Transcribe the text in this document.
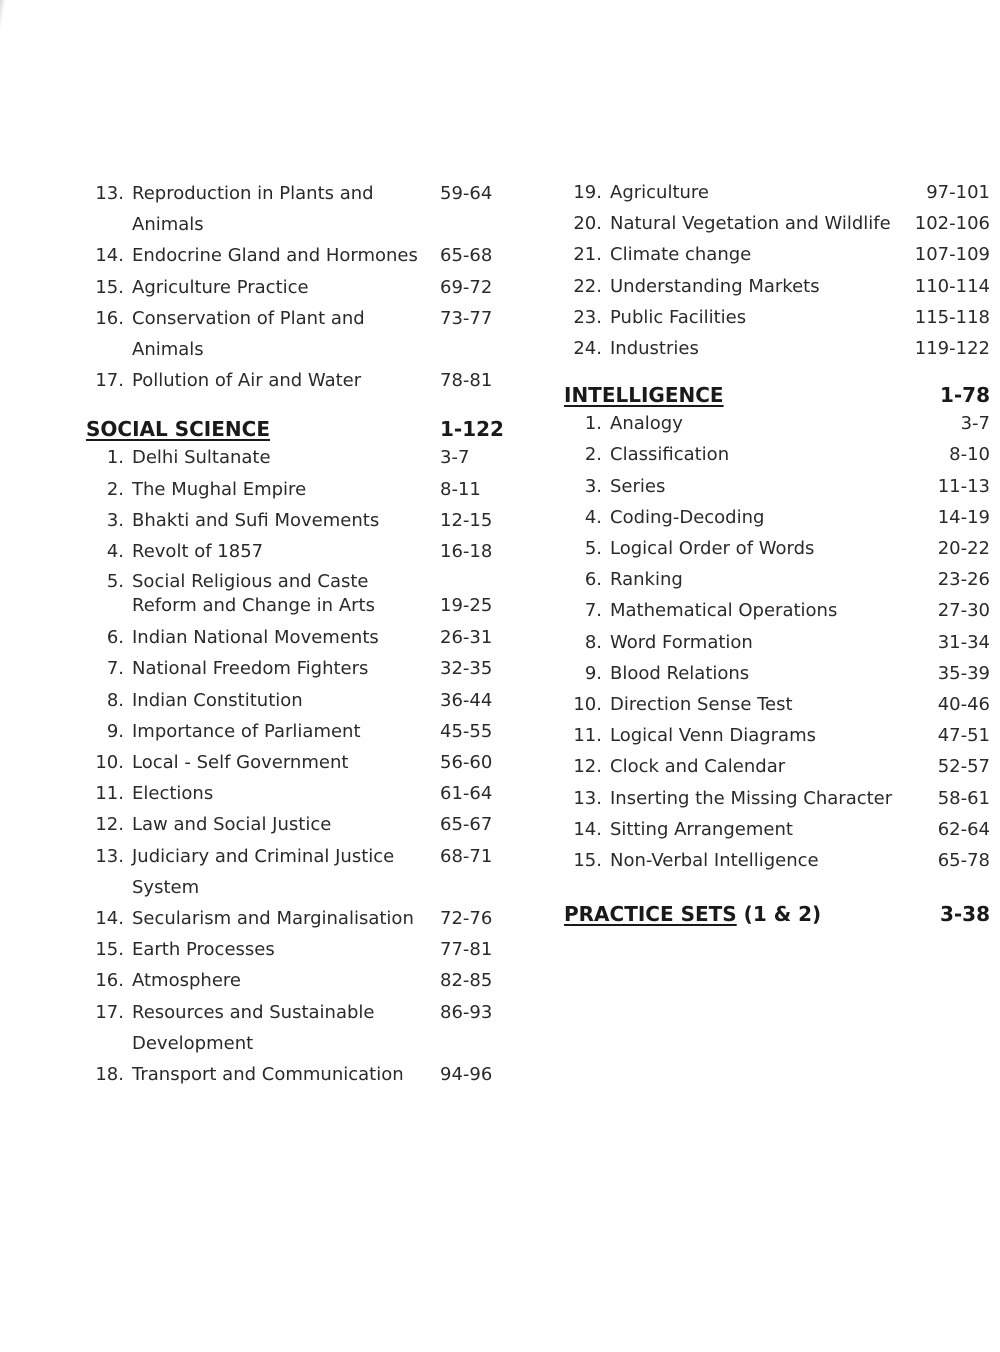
13. Reproduction in Plants and Animals
59-64
14. Endocrine Gland and Hormones	65-68
15. Agriculture Practice	69-72
16. Conservation of Plant and Animals
73-77
17. Pollution of Air and Water	78-81
SOCIAL SCIENCE	1-122
1. Delhi Sultanate	3-7
2. The Mughal Empire	8-11
3. Bhakti and Sufi Movements	12-15
4. Revolt of 1857	16-18
5. Social Religious and Caste Reform and Change in Arts	19-25
6. Indian National Movements	26-31
7. National Freedom Fighters	32-35
8. Indian Constitution	36-44
9. Importance of Parliament	45-55
10. Local - Self Government	56-60
11. Elections	61-64
12. Law and Social Justice	65-67
13. Judiciary and Criminal Justice System
68-71
14. Secularism and Marginalisation	72-76
15. Earth Processes	77-81
16. Atmosphere	82-85
17. Resources and Sustainable Development
86-93
18. Transport and Communication	94-96
19. Agriculture	97-101
20. Natural Vegetation and Wildlife	102-106
21. Climate change	107-109
22. Understanding Markets	110-114
23. Public Facilities	115-118
24. Industries	119-122
INTELLIGENCE	1-78
1. Analogy	3-7
2. Classification	8-10
3. Series	11-13
4. Coding-Decoding	14-19
5. Logical Order of Words	20-22
6. Ranking	23-26
7. Mathematical Operations	27-30
8. Word Formation	31-34
9. Blood Relations	35-39
10. Direction Sense Test	40-46
11. Logical Venn Diagrams	47-51
12. Clock and Calendar	52-57
13. Inserting the Missing Character	58-61
14. Sitting Arrangement	62-64
15. Non-Verbal Intelligence	65-78
PRACTICE SETS (1 & 2)	3-38
